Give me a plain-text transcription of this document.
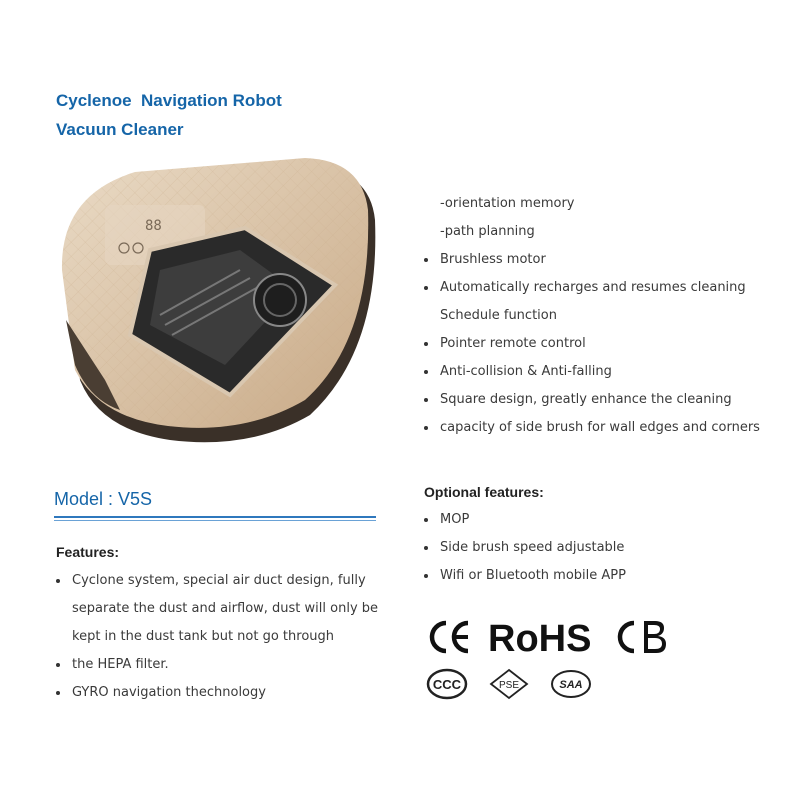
Cyclenoe  Navigation Robot
Vacuun Cleaner
88
Model : V5S
Features:
Cyclone system, special air duct design, fully
separate the dust and airflow, dust will only be
kept in the dust tank but not go through
the HEPA filter.
GYRO navigation thechnology
-orientation memory
-path planning
Brushless motor
Automatically recharges and resumes cleaning
Schedule function
Pointer remote control
Anti-collision & Anti-falling
Square design, greatly enhance the cleaning
capacity of side brush for wall edges and corners
Optional features:
MOP
Side brush speed adjustable
Wifi or Bluetooth mobile APP
RoHS
CCC	PSE	SAA
